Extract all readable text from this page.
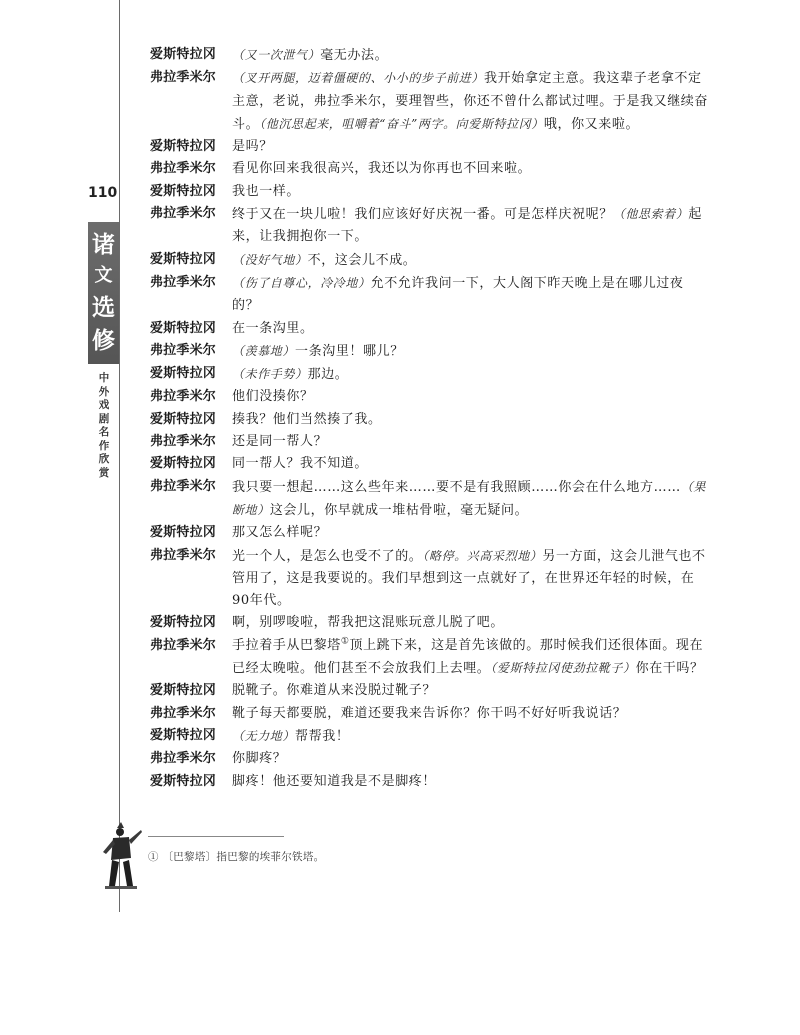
110
诸
文
选
修
中外戏剧名作欣赏
爱斯特拉冈	（又一次泄气）毫无办法。
弗拉季米尔	（叉开两腿，迈着僵硬的、小小的步子前进）我开始拿定主意。我这辈子老拿不定主意，老说，弗拉季米尔，要理智些，你还不曾什么都试过哩。于是我又继续奋斗。（他沉思起来，咀嚼着“奋斗”两字。向爱斯特拉冈）哦，你又来啦。
爱斯特拉冈	是吗？
弗拉季米尔	看见你回来我很高兴，我还以为你再也不回来啦。
爱斯特拉冈	我也一样。
弗拉季米尔	终于又在一块儿啦！我们应该好好庆祝一番。可是怎样庆祝呢？（他思索着）起来，让我拥抱你一下。
爱斯特拉冈	（没好气地）不，这会儿不成。
弗拉季米尔	（伤了自尊心，冷冷地）允不允许我问一下，大人阁下昨天晚上是在哪儿过夜的？
爱斯特拉冈	在一条沟里。
弗拉季米尔	（羡慕地）一条沟里！哪儿？
爱斯特拉冈	（未作手势）那边。
弗拉季米尔	他们没揍你？
爱斯特拉冈	揍我？他们当然揍了我。
弗拉季米尔	还是同一帮人？
爱斯特拉冈	同一帮人？我不知道。
弗拉季米尔	我只要一想起……这么些年来……要不是有我照顾……你会在什么地方……（果断地）这会儿，你早就成一堆枯骨啦，毫无疑问。
爱斯特拉冈	那又怎么样呢？
弗拉季米尔	光一个人，是怎么也受不了的。（略停。兴高采烈地）另一方面，这会儿泄气也不管用了，这是我要说的。我们早想到这一点就好了，在世界还年轻的时候，在90年代。
爱斯特拉冈	啊，别啰唆啦，帮我把这混账玩意儿脱了吧。
弗拉季米尔	手拉着手从巴黎塔①顶上跳下来，这是首先该做的。那时候我们还很体面。现在已经太晚啦。他们甚至不会放我们上去哩。（爱斯特拉冈使劲拉靴子）你在干吗？
爱斯特拉冈	脱靴子。你难道从来没脱过靴子？
弗拉季米尔	靴子每天都要脱，难道还要我来告诉你？你干吗不好好听我说话？
爱斯特拉冈	（无力地）帮帮我！
弗拉季米尔	你脚疼？
爱斯特拉冈	脚疼！他还要知道我是不是脚疼！
① 〔巴黎塔〕指巴黎的埃菲尔铁塔。
